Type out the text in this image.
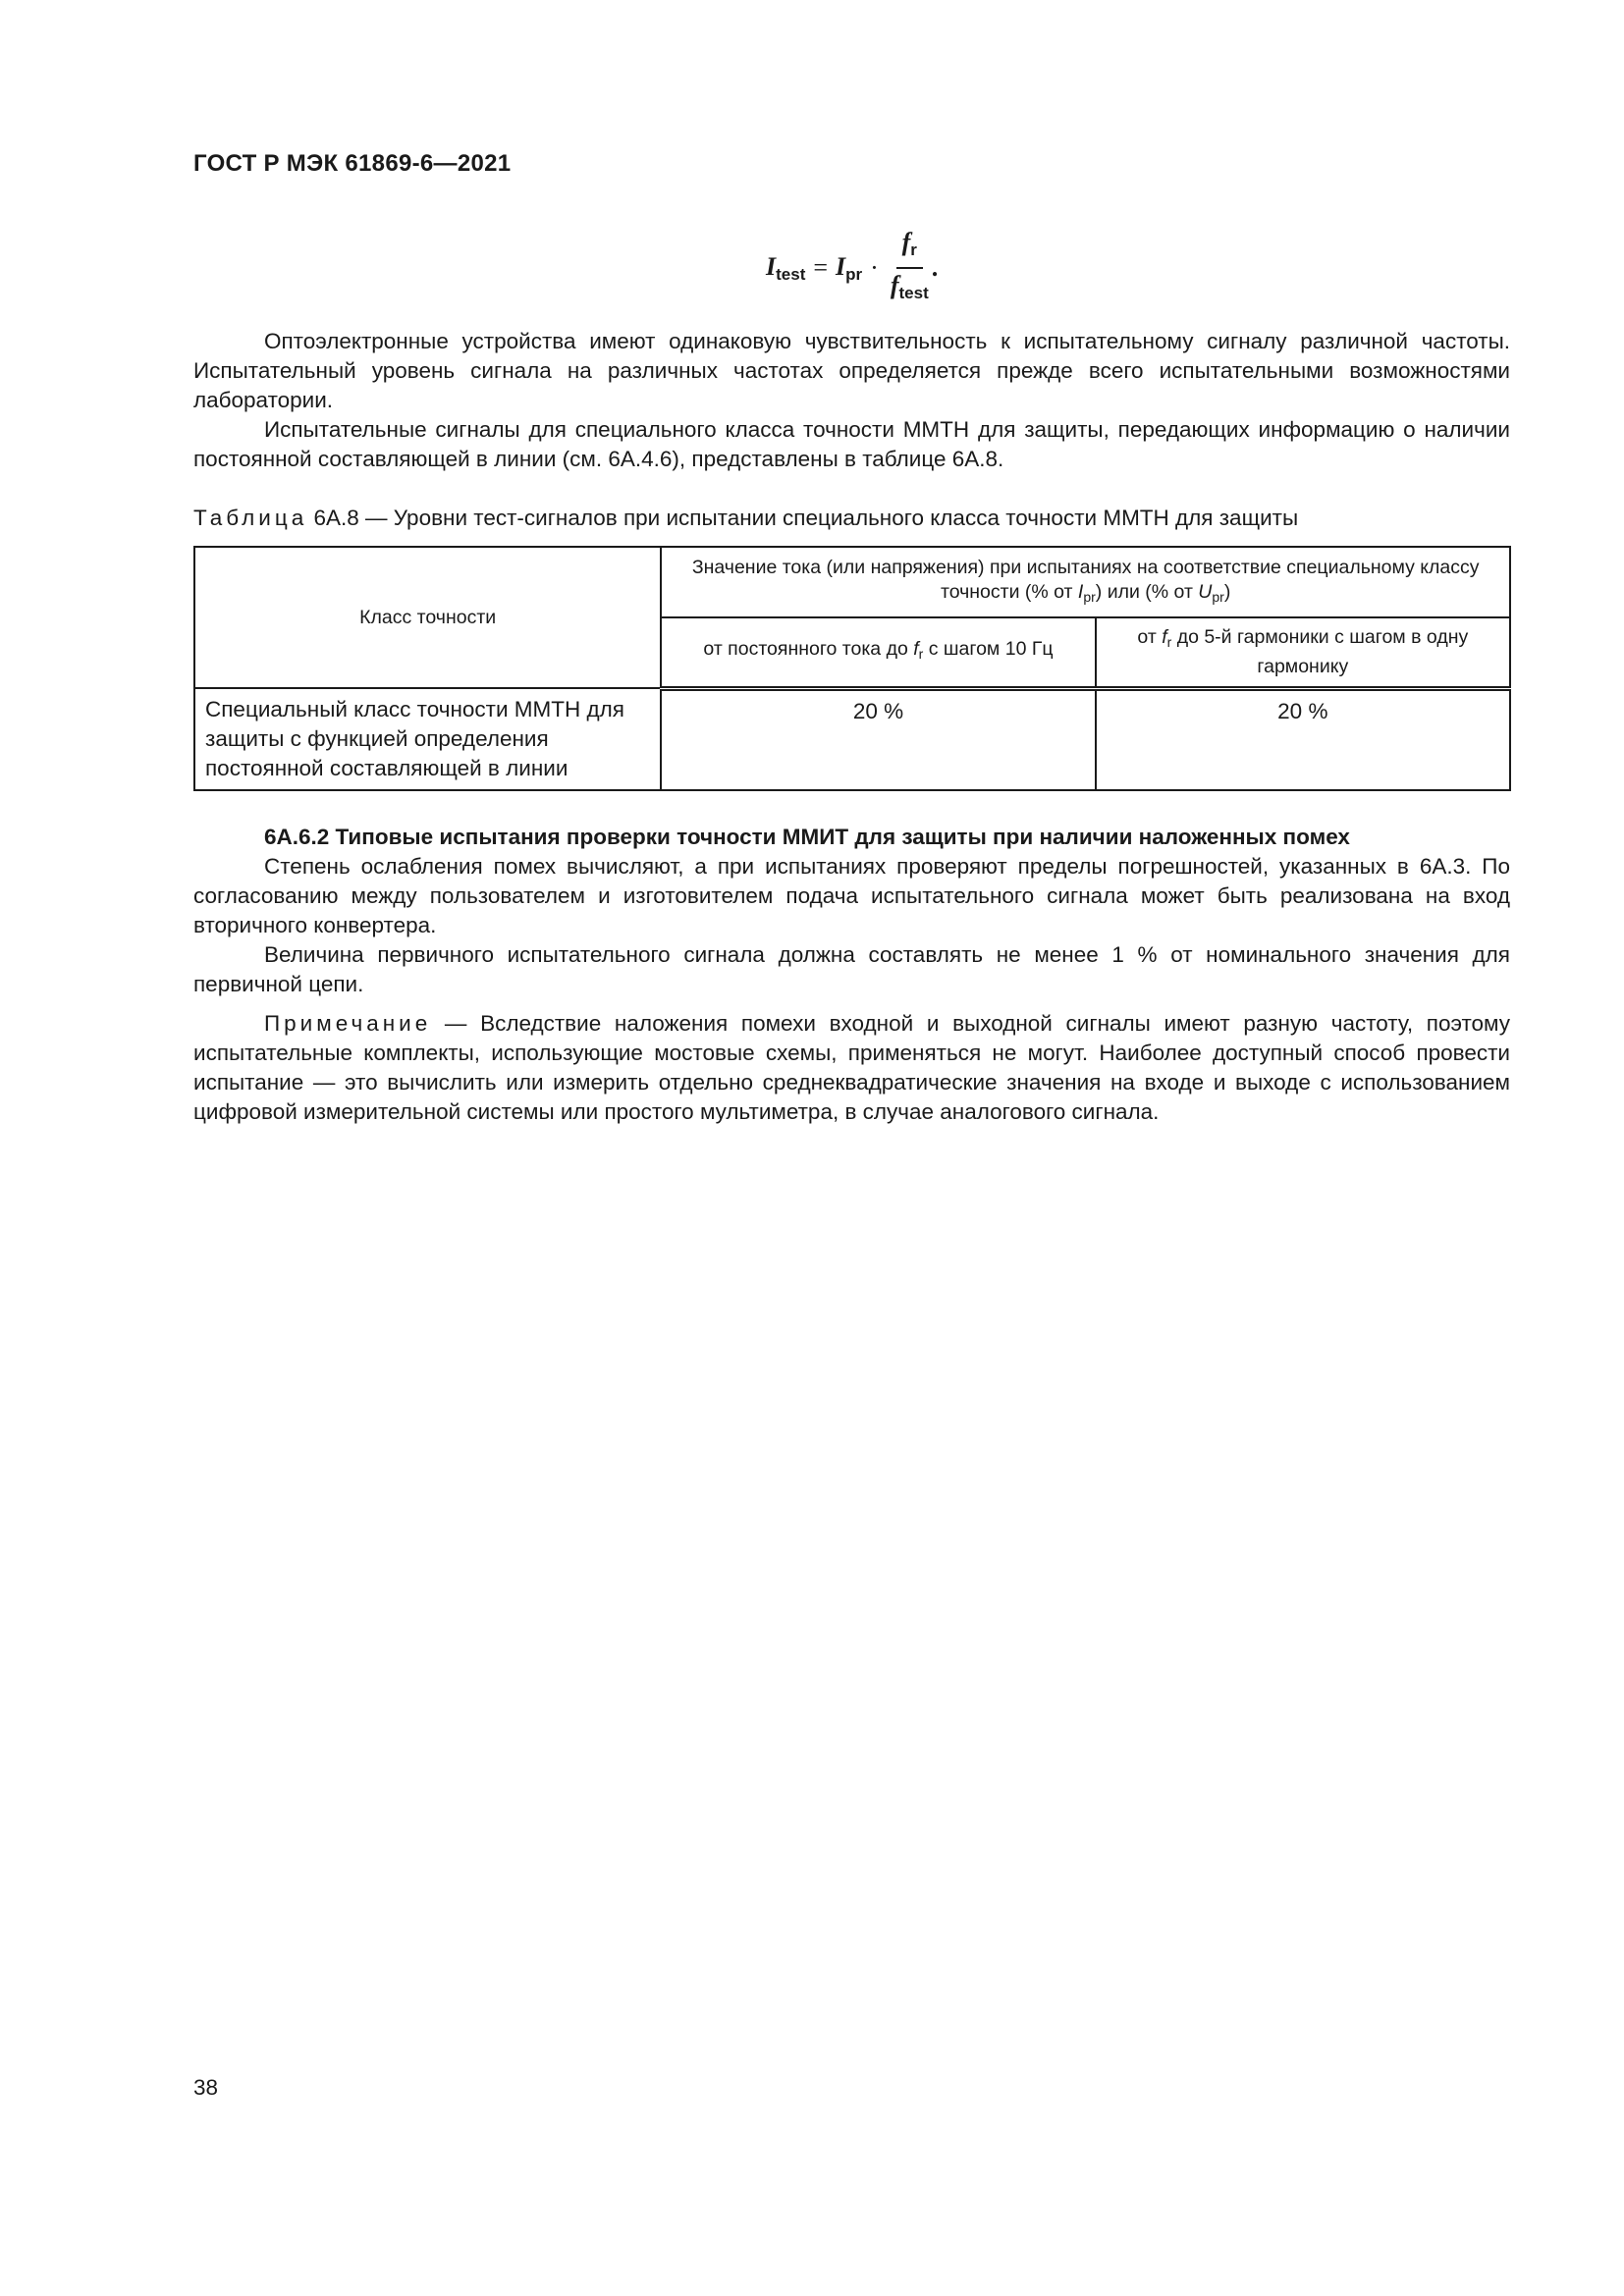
ГОСТ Р МЭК 61869-6—2021
$I_{test} = I_{pr} \cdot \frac{f_r}{f_{test}}$ .
Оптоэлектронные устройства имеют одинаковую чувствительность к испытательному сигналу различной частоты. Испытательный уровень сигнала на различных частотах определяется прежде всего испытательными возможностями лаборатории.
Испытательные сигналы для специального класса точности ММТН для защиты, передающих информацию о наличии постоянной составляющей в линии (см. 6А.4.6), представлены в таблице 6А.8.
Таблица 6А.8 — Уровни тест-сигналов при испытании специального класса точности ММТН для защиты
Класс точности	Значение тока (или напряжения) при испытаниях на соответствие специальному классу точности (% от $I_{pr}$) или (% от $U_{pr}$)	
	от постоянного тока до $f_r$ с шагом 10 Гц	от $f_r$ до 5-й гармоники с шагом в одну гармонику
Специальный класс точности ММТН для защиты с функцией определения постоянной составляющей в линии	20 %	20 %
6А.6.2 Типовые испытания проверки точности ММИТ для защиты при наличии наложенных помех
Степень ослабления помех вычисляют, а при испытаниях проверяют пределы погрешностей, указанных в 6А.3. По согласованию между пользователем и изготовителем подача испытательного сигнала может быть реализована на вход вторичного конвертера.
Величина первичного испытательного сигнала должна составлять не менее 1 % от номинального значения для первичной цепи.
Примечание — Вследствие наложения помехи входной и выходной сигналы имеют разную частоту, поэтому испытательные комплекты, использующие мостовые схемы, применяться не могут. Наиболее доступный способ провести испытание — это вычислить или измерить отдельно среднеквадратические значения на входе и выходе с использованием цифровой измерительной системы или простого мультиметра, в случае аналогового сигнала.
38
